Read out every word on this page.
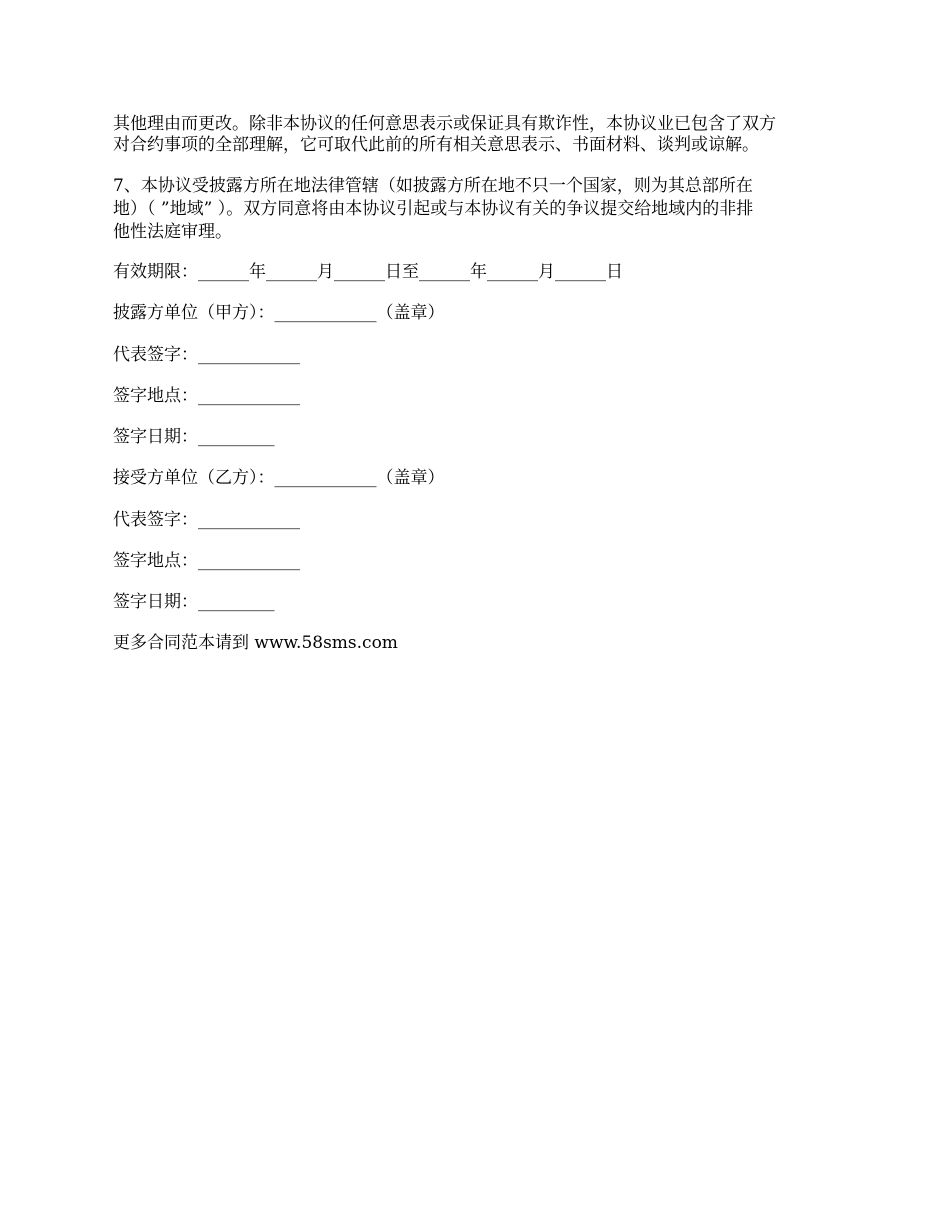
其他理由而更改。除非本协议的任何意思表示或保证具有欺诈性，本协议业已包含了双方
对合约事项的全部理解，它可取代此前的所有相关意思表示、书面材料、谈判或谅解。
7、本协议受披露方所在地法律管辖（如披露方所在地不只一个国家，则为其总部所在
地）（ ”地域” ）。双方同意将由本协议引起或与本协议有关的争议提交给地域内的非排
他性法庭审理。
有效期限：______年______月______日至______年______月______日
披露方单位（甲方）：____________（盖章）
代表签字：____________
签字地点：____________
签字日期：_________
接受方单位（乙方）：____________（盖章）
代表签字：____________
签字地点：____________
签字日期：_________
更多合同范本请到 www.58sms.com
